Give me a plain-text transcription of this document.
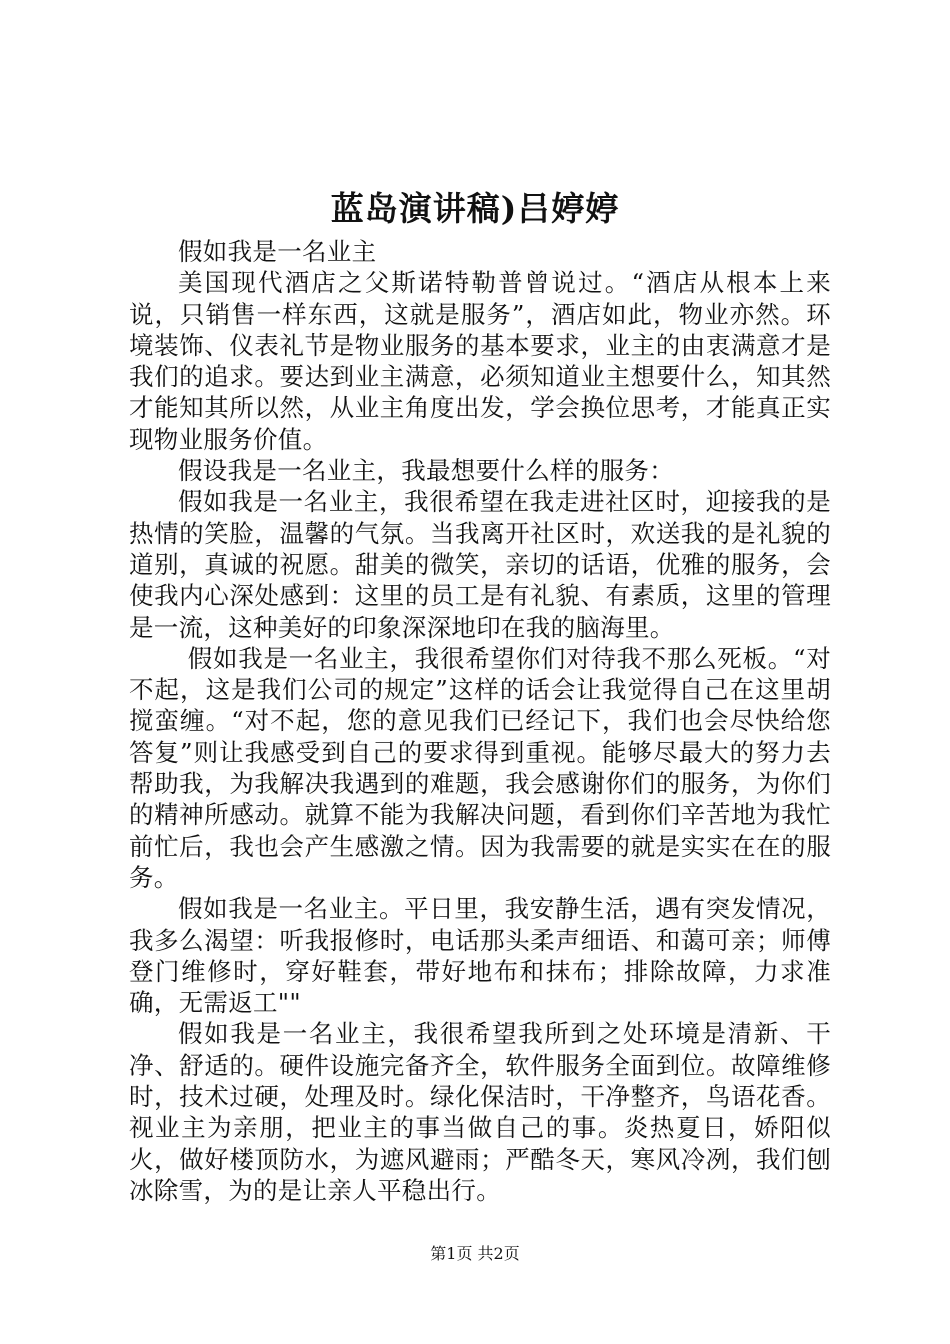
蓝岛演讲稿)吕婷婷

假如我是一名业主

美国现代酒店之父斯诺特勒普曾说过。“酒店从根本上来说，只销售一样东西，这就是服务”，酒店如此，物业亦然。环境装饰、仪表礼节是物业服务的基本要求，业主的由衷满意才是我们的追求。要达到业主满意，必须知道业主想要什么，知其然才能知其所以然，从业主角度出发，学会换位思考，才能真正实现物业服务价值。

假设我是一名业主，我最想要什么样的服务：

假如我是一名业主，我很希望在我走进社区时，迎接我的是热情的笑脸，温馨的气氛。当我离开社区时，欢送我的是礼貌的道别，真诚的祝愿。甜美的微笑，亲切的话语，优雅的服务，会使我内心深处感到：这里的员工是有礼貌、有素质，这里的管理是一流，这种美好的印象深深地印在我的脑海里。

假如我是一名业主，我很希望你们对待我不那么死板。“对不起，这是我们公司的规定”这样的话会让我觉得自己在这里胡搅蛮缠。“对不起，您的意见我们已经记下，我们也会尽快给您答复”则让我感受到自己的要求得到重视。能够尽最大的努力去帮助我，为我解决我遇到的难题，我会感谢你们的服务，为你们的精神所感动。就算不能为我解决问题，看到你们辛苦地为我忙前忙后，我也会产生感激之情。因为我需要的就是实实在在的服务。

假如我是一名业主。平日里，我安静生活，遇有突发情况，我多么渴望：听我报修时，电话那头柔声细语、和蔼可亲；师傅登门维修时，穿好鞋套，带好地布和抹布；排除故障，力求准确，无需返工""

假如我是一名业主，我很希望我所到之处环境是清新、干净、舒适的。硬件设施完备齐全，软件服务全面到位。故障维修时，技术过硬，处理及时。绿化保洁时，干净整齐，鸟语花香。视业主为亲朋，把业主的事当做自己的事。炎热夏日，娇阳似火，做好楼顶防水，为遮风避雨；严酷冬天，寒风冷冽，我们刨冰除雪，为的是让亲人平稳出行。

第1页 共2页
